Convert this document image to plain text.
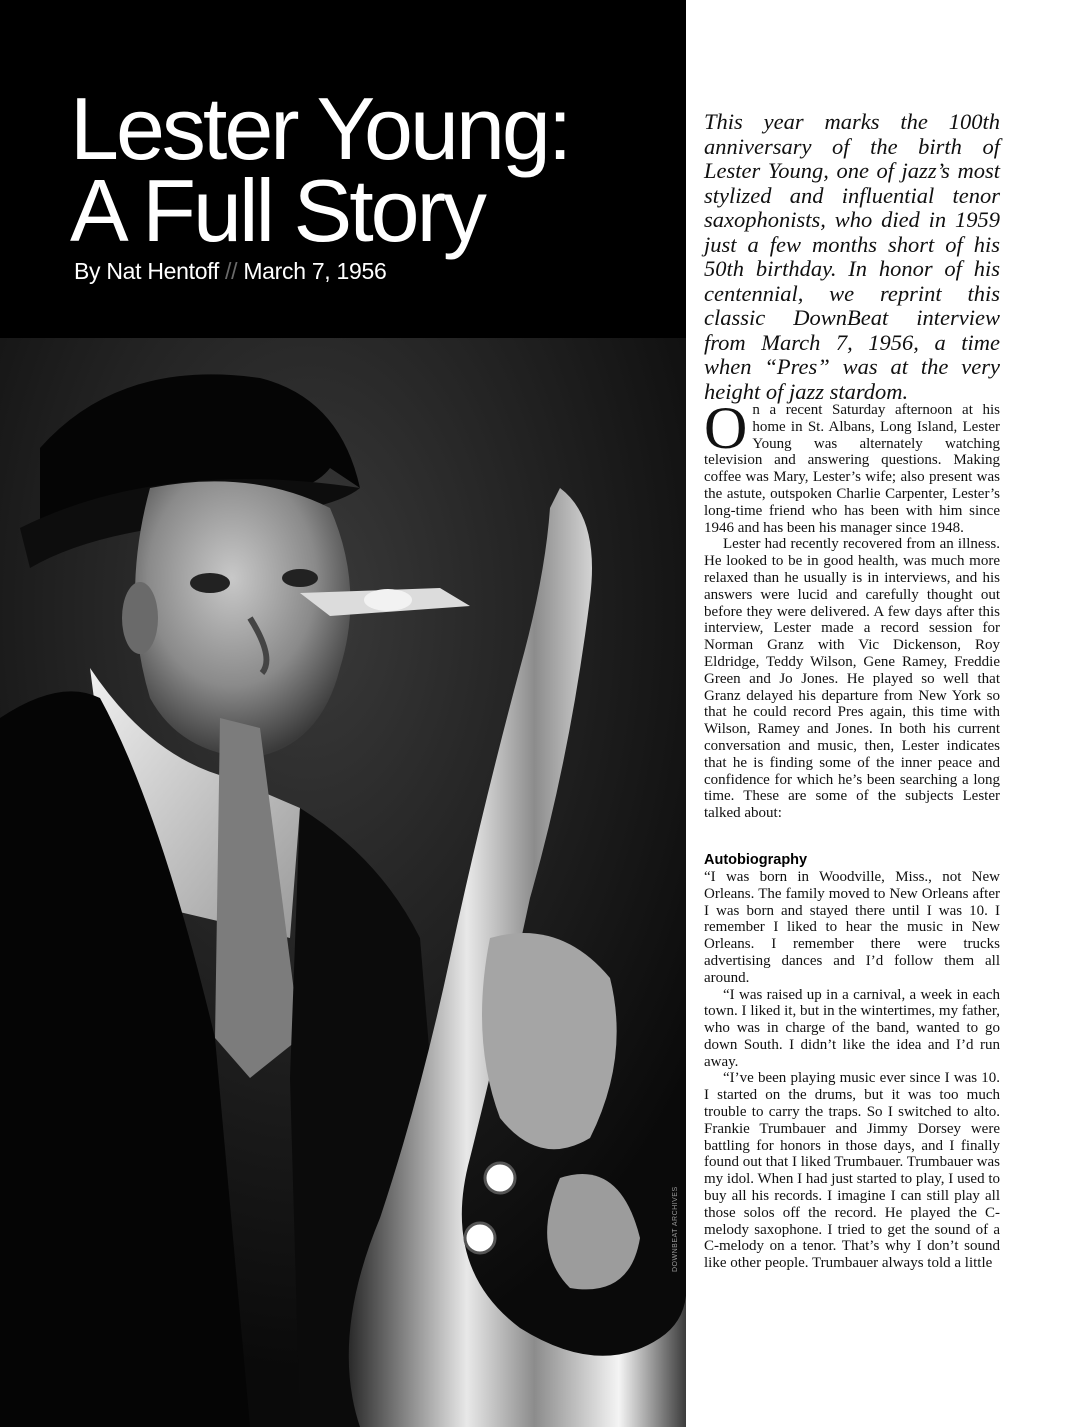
Lester Young:
A Full Story
By Nat Hentoff // March 7, 1956
DOWNBEAT ARCHIVES

This year marks the 100th anniversary of the birth of Lester Young, one of jazz’s most stylized and influential tenor saxophonists, who died in 1959 just a few months short of his 50th birthday. In honor of his centennial, we reprint this classic DownBeat interview from March 7, 1956, a time when “Pres” was at the very height of jazz stardom.

On a recent Saturday afternoon at his home in St. Albans, Long Island, Lester Young was alternately watching television and answering questions. Making coffee was Mary, Lester’s wife; also present was the astute, outspoken Charlie Carpenter, Lester’s long-time friend who has been with him since 1946 and has been his manager since 1948.

Lester had recently recovered from an illness. He looked to be in good health, was much more relaxed than he usually is in interviews, and his answers were lucid and carefully thought out before they were delivered. A few days after this interview, Lester made a record session for Norman Granz with Vic Dickenson, Roy Eldridge, Teddy Wilson, Gene Ramey, Freddie Green and Jo Jones. He played so well that Granz delayed his departure from New York so that he could record Pres again, this time with Wilson, Ramey and Jones. In both his current conversation and music, then, Lester indicates that he is finding some of the inner peace and confidence for which he’s been searching a long time. These are some of the subjects Lester talked about:

Autobiography

“I was born in Woodville, Miss., not New Orleans. The family moved to New Orleans after I was born and stayed there until I was 10. I remember I liked to hear the music in New Orleans. I remember there were trucks advertising dances and I’d follow them all around.

“I was raised up in a carnival, a week in each town. I liked it, but in the wintertimes, my father, who was in charge of the band, wanted to go down South. I didn’t like the idea and I’d run away.

“I’ve been playing music ever since I was 10. I started on the drums, but it was too much trouble to carry the traps. So I switched to alto. Frankie Trumbauer and Jimmy Dorsey were battling for honors in those days, and I finally found out that I liked Trumbauer. Trumbauer was my idol. When I had just started to play, I used to buy all his records. I imagine I can still play all those solos off the record. He played the C-melody saxophone. I tried to get the sound of a C-melody on a tenor. That’s why I don’t sound like other people. Trumbauer always told a little
